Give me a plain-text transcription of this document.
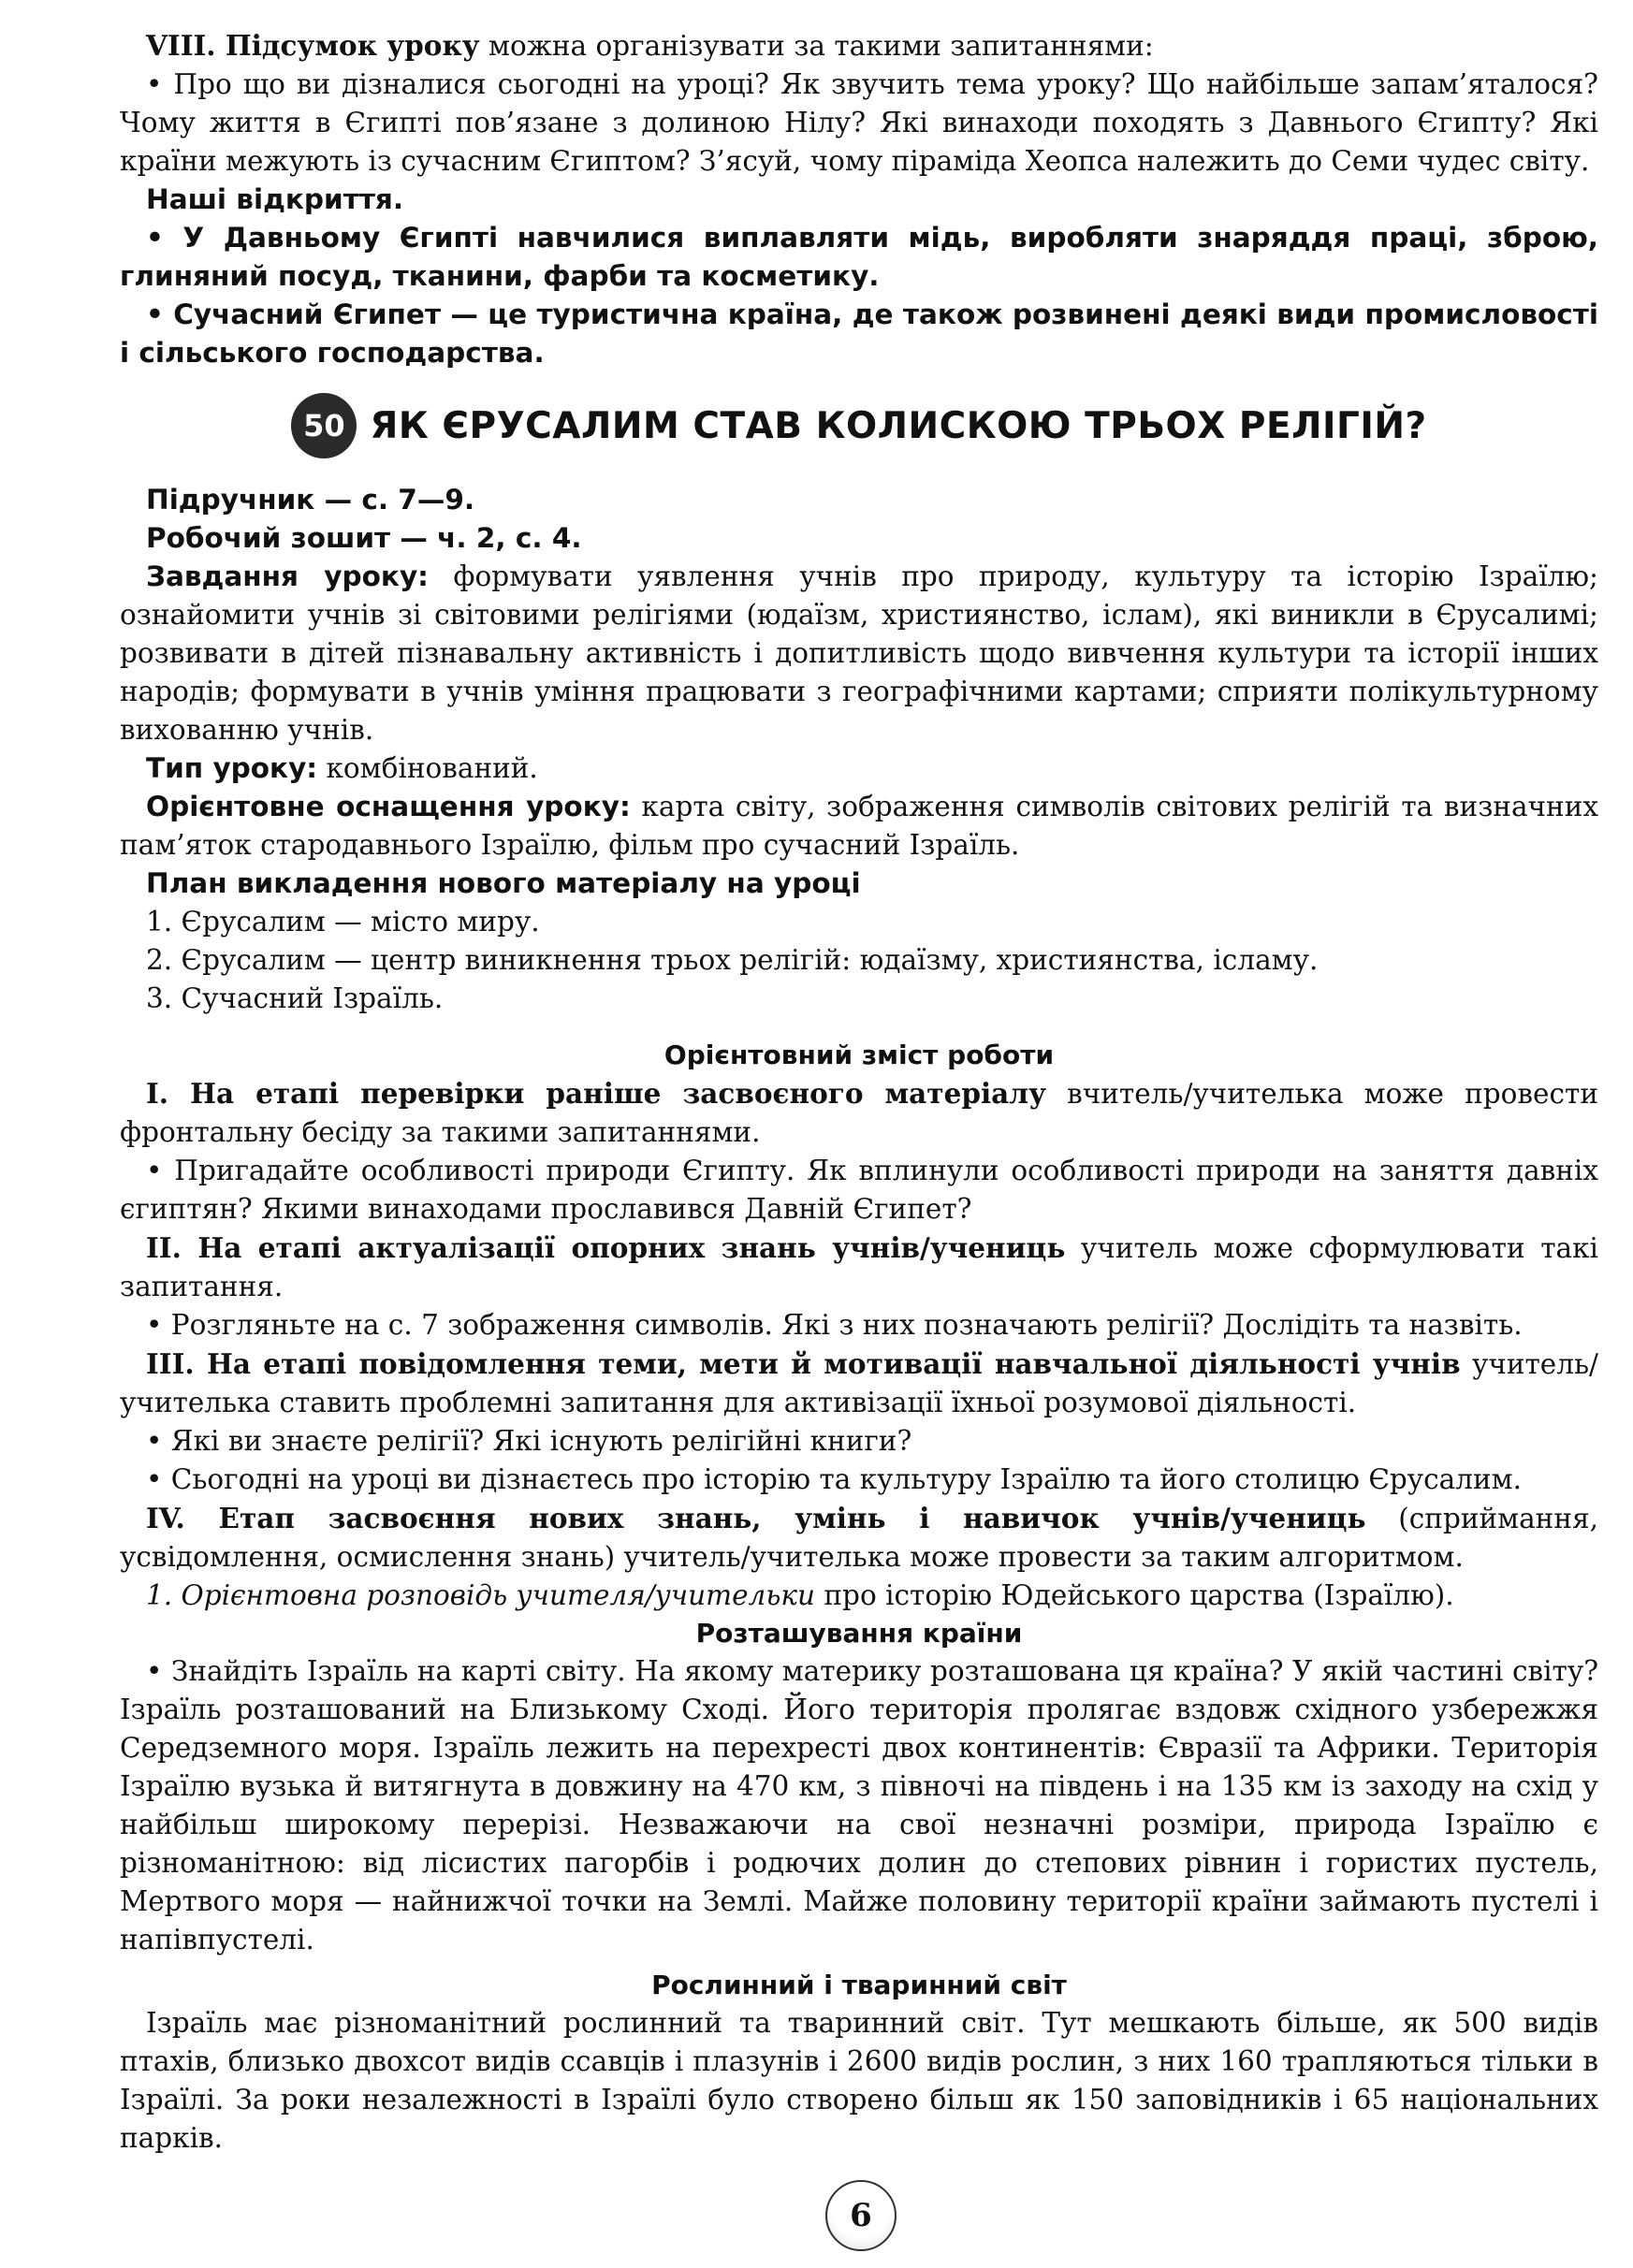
VIII. Підсумок уроку можна організувати за такими запитаннями:

• Про що ви дізналися сьогодні на уроці? Як звучить тема уроку? Що найбільше запам’яталося? Чому життя в Єгипті пов’язане з долиною Нілу? Які винаходи походять з Давнього Єгипту? Які країни межують із сучасним Єгиптом? З’ясуй, чому піраміда Хеопса належить до Семи чудес світу.

Наші відкриття.

• У Давньому Єгипті навчилися виплавляти мідь, виробляти знаряддя праці, зброю, глиняний посуд, тканини, фарби та косметику.

• Сучасний Єгипет — це туристична країна, де також розвинені деякі види промисловості і сільського господарства.

50 ЯК ЄРУСАЛИМ СТАВ КОЛИСКОЮ ТРЬОХ РЕЛІГІЙ?

Підручник — с. 7—9.

Робочий зошит — ч. 2, с. 4.

Завдання уроку: формувати уявлення учнів про природу, культуру та історію Ізраїлю; ознайомити учнів зі світовими релігіями (юдаїзм, християнство, іслам), які виникли в Єрусалимі; розвивати в дітей пізнавальну активність і допитливість щодо вивчення культури та історії інших народів; формувати в учнів уміння працювати з географічними картами; сприяти полікультурному вихованню учнів.

Тип уроку: комбінований.

Орієнтовне оснащення уроку: карта світу, зображення символів світових релігій та визначних пам’яток стародавнього Ізраїлю, фільм про сучасний Ізраїль.

План викладення нового матеріалу на уроці

1. Єрусалим — місто миру.

2. Єрусалим — центр виникнення трьох релігій: юдаїзму, християнства, ісламу.

3. Сучасний Ізраїль.

Орієнтовний зміст роботи

I. На етапі перевірки раніше засвоєного матеріалу вчитель/учителька може провести фронтальну бесіду за такими запитаннями.

• Пригадайте особливості природи Єгипту. Як вплинули особливості природи на заняття давніх єгиптян? Якими винаходами прославився Давній Єгипет?

II. На етапі актуалізації опорних знань учнів/учениць учитель може сформулювати такі запитання.

• Розгляньте на с. 7 зображення символів. Які з них позначають релігії? Дослідіть та назвіть.

III. На етапі повідомлення теми, мети й мотивації навчальної діяльності учнів учитель/учителька ставить проблемні запитання для активізації їхньої розумової діяльності.

• Які ви знаєте релігії? Які існують релігійні книги?

• Сьогодні на уроці ви дізнаєтесь про історію та культуру Ізраїлю та його столицю Єрусалим.

IV. Етап засвоєння нових знань, умінь і навичок учнів/учениць (сприймання, усвідомлення, осмислення знань) учитель/учителька може провести за таким алгоритмом.

1. Орієнтовна розповідь учителя/учительки про історію Юдейського царства (Ізраїлю).

Розташування країни

• Знайдіть Ізраїль на карті світу. На якому материку розташована ця країна? У якій частині світу? Ізраїль розташований на Близькому Сході. Його територія пролягає вздовж східного узбережжя Середземного моря. Ізраїль лежить на перехресті двох континентів: Євразії та Африки. Територія Ізраїлю вузька й витягнута в довжину на 470 км, з півночі на південь і на 135 км із заходу на схід у найбільш широкому перерізі. Незважаючи на свої незначні розміри, природа Ізраїлю є різноманітною: від лісистих пагорбів і родючих долин до степових рівнин і гористих пустель, Мертвого моря — найнижчої точки на Землі. Майже половину території країни займають пустелі і напівпустелі.

Рослинний і тваринний світ

Ізраїль має різноманітний рослинний та тваринний світ. Тут мешкають більше, як 500 видів птахів, близько двохсот видів ссавців і плазунів і 2600 видів рослин, з них 160 трапляються тільки в Ізраїлі. За роки незалежності в Ізраїлі було створено більш як 150 заповідників і 65 національних парків.

6
